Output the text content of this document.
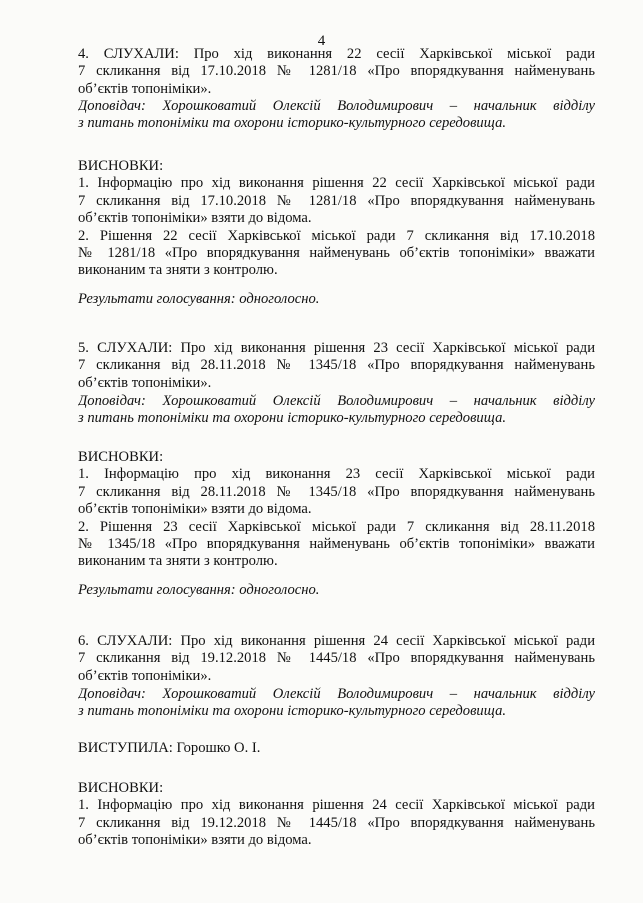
4
4. СЛУХАЛИ: Про хід виконання 22 сесії Харківської міської ради
7 скликання від 17.10.2018 № 1281/18 «Про впорядкування найменувань
об’єктів топоніміки».
Доповідач: Хорошковатий Олексій Володимирович – начальник відділу
з питань топоніміки та охорони історико-культурного середовища.
ВИСНОВКИ:
1. Інформацію про хід виконання рішення 22 сесії Харківської міської ради
7 скликання від 17.10.2018 № 1281/18 «Про впорядкування найменувань
об’єктів топоніміки» взяти до відома.
2. Рішення 22 сесії Харківської міської ради 7 скликання від 17.10.2018
№ 1281/18 «Про впорядкування найменувань об’єктів топоніміки» вважати
виконаним та зняти з контролю.
Результати голосування: одноголосно.
5. СЛУХАЛИ: Про хід виконання рішення 23 сесії Харківської міської ради
7 скликання від 28.11.2018 № 1345/18 «Про впорядкування найменувань
об’єктів топоніміки».
Доповідач: Хорошковатий Олексій Володимирович – начальник відділу
з питань топоніміки та охорони історико-культурного середовища.
ВИСНОВКИ:
1. Інформацію про хід виконання 23 сесії Харківської міської ради
7 скликання від 28.11.2018 № 1345/18 «Про впорядкування найменувань
об’єктів топоніміки» взяти до відома.
2. Рішення 23 сесії Харківської міської ради 7 скликання від 28.11.2018
№ 1345/18 «Про впорядкування найменувань об’єктів топоніміки» вважати
виконаним та зняти з контролю.
Результати голосування: одноголосно.
6. СЛУХАЛИ: Про хід виконання рішення 24 сесії Харківської міської ради
7 скликання від 19.12.2018 № 1445/18 «Про впорядкування найменувань
об’єктів топоніміки».
Доповідач: Хорошковатий Олексій Володимирович – начальник відділу
з питань топоніміки та охорони історико-культурного середовища.
ВИСТУПИЛА: Горошко О. І.
ВИСНОВКИ:
1. Інформацію про хід виконання рішення 24 сесії Харківської міської ради
7 скликання від 19.12.2018 № 1445/18 «Про впорядкування найменувань
об’єктів топоніміки» взяти до відома.
